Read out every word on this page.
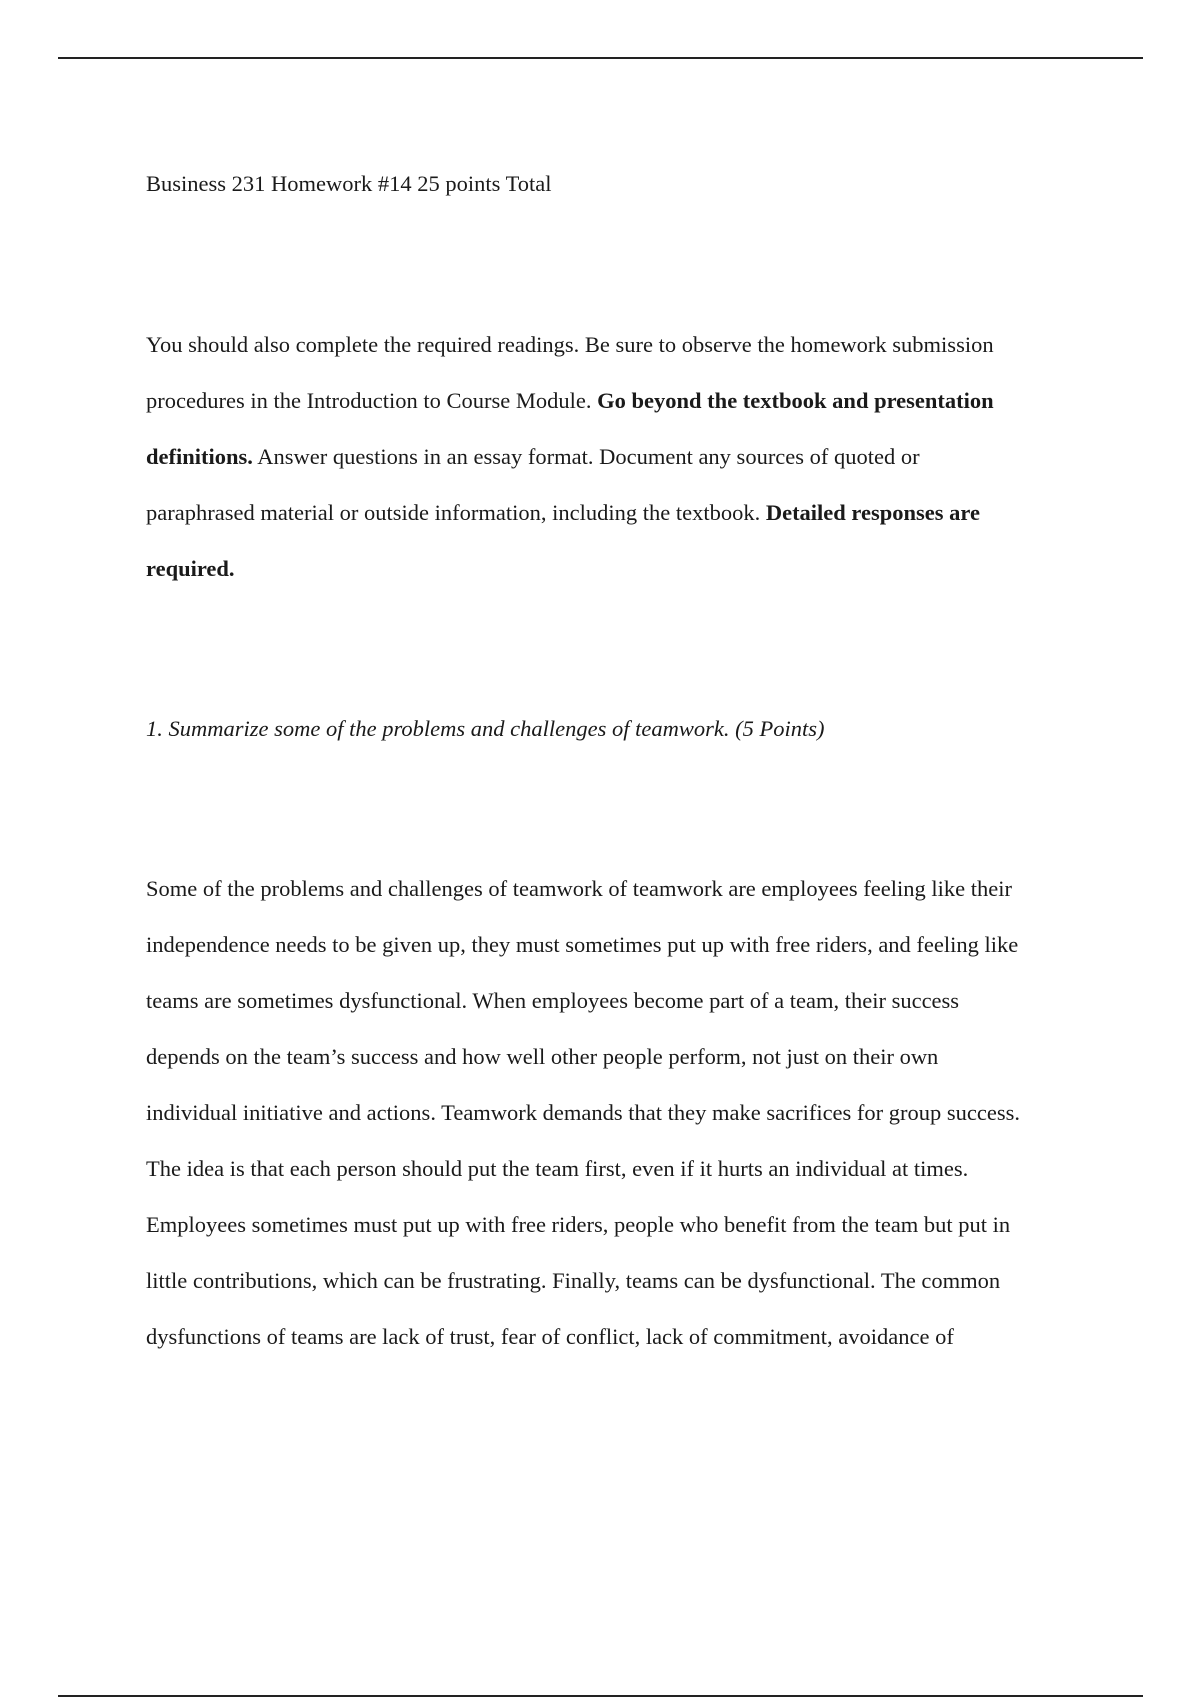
Business 231 Homework #14 25 points Total
You should also complete the required readings. Be sure to observe the homework submission
procedures in the Introduction to Course Module. Go beyond the textbook and presentation
definitions. Answer questions in an essay format. Document any sources of quoted or
paraphrased material or outside information, including the textbook. Detailed responses are
required.
1. Summarize some of the problems and challenges of teamwork. (5 Points)
Some of the problems and challenges of teamwork of teamwork are employees feeling like their
independence needs to be given up, they must sometimes put up with free riders, and feeling like
teams are sometimes dysfunctional. When employees become part of a team, their success
depends on the team’s success and how well other people perform, not just on their own
individual initiative and actions. Teamwork demands that they make sacrifices for group success.
The idea is that each person should put the team first, even if it hurts an individual at times.
Employees sometimes must put up with free riders, people who benefit from the team but put in
little contributions, which can be frustrating. Finally, teams can be dysfunctional. The common
dysfunctions of teams are lack of trust, fear of conflict, lack of commitment, avoidance of
